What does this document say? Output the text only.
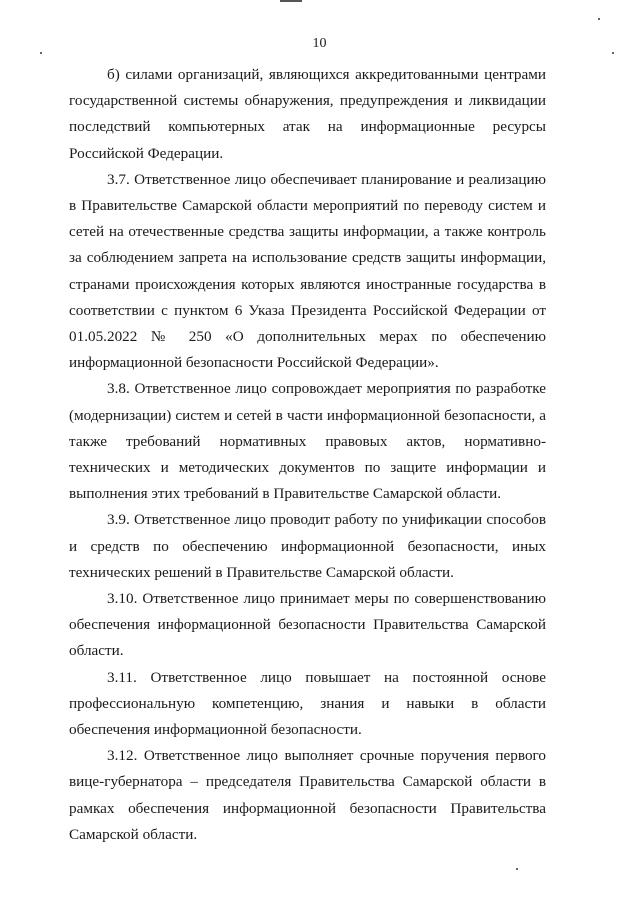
10

б) силами организаций, являющихся аккредитованными центрами государственной системы обнаружения, предупреждения и ликвидации последствий компьютерных атак на информационные ресурсы Российской Федерации.

3.7. Ответственное лицо обеспечивает планирование и реализацию в Правительстве Самарской области мероприятий по переводу систем и сетей на отечественные средства защиты информации, а также контроль за соблюдением запрета на использование средств защиты информации, странами происхождения которых являются иностранные государства в соответствии с пунктом 6 Указа Президента Российской Федерации от 01.05.2022 № 250 «О дополнительных мерах по обеспечению информационной безопасности Российской Федерации».

3.8. Ответственное лицо сопровождает мероприятия по разработке (модернизации) систем и сетей в части информационной безопасности, а также требований нормативных правовых актов, нормативно-технических и методических документов по защите информации и выполнения этих требований в Правительстве Самарской области.

3.9. Ответственное лицо проводит работу по унификации способов и средств по обеспечению информационной безопасности, иных технических решений в Правительстве Самарской области.

3.10. Ответственное лицо принимает меры по совершенствованию обеспечения информационной безопасности Правительства Самарской области.

3.11. Ответственное лицо повышает на постоянной основе профессиональную компетенцию, знания и навыки в области обеспечения информационной безопасности.

3.12. Ответственное лицо выполняет срочные поручения первого вице-губернатора – председателя Правительства Самарской области в рамках обеспечения информационной безопасности Правительства Самарской области.
